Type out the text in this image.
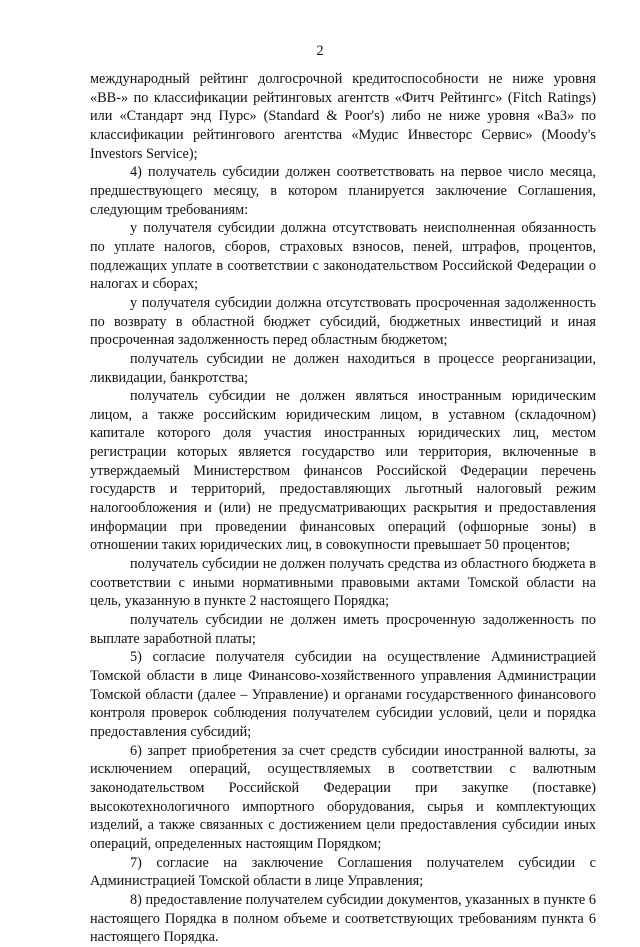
2

международный рейтинг долгосрочной кредитоспособности не ниже уровня «ВВ-» по классификации рейтинговых агентств «Фитч Рейтингс» (Fitch Ratings) или «Стандарт энд Пурс» (Standard & Poor's) либо не ниже уровня «Ва3» по классификации рейтингового агентства «Мудис Инвесторс Сервис» (Moody's Investors Service);

4) получатель субсидии должен соответствовать на первое число месяца, предшествующего месяцу, в котором планируется заключение Соглашения, следующим требованиям:

у получателя субсидии должна отсутствовать неисполненная обязанность по уплате налогов, сборов, страховых взносов, пеней, штрафов, процентов, подлежащих уплате в соответствии с законодательством Российской Федерации о налогах и сборах;

у получателя субсидии должна отсутствовать просроченная задолженность по возврату в областной бюджет субсидий, бюджетных инвестиций и иная просроченная задолженность перед областным бюджетом;

получатель субсидии не должен находиться в процессе реорганизации, ликвидации, банкротства;

получатель субсидии не должен являться иностранным юридическим лицом, а также российским юридическим лицом, в уставном (складочном) капитале которого доля участия иностранных юридических лиц, местом регистрации которых является государство или территория, включенные в утверждаемый Министерством финансов Российской Федерации перечень государств и территорий, предоставляющих льготный налоговый режим налогообложения и (или) не предусматривающих раскрытия и предоставления информации при проведении финансовых операций (офшорные зоны) в отношении таких юридических лиц, в совокупности превышает 50 процентов;

получатель субсидии не должен получать средства из областного бюджета в соответствии с иными нормативными правовыми актами Томской области на цель, указанную в пункте 2 настоящего Порядка;

получатель субсидии не должен иметь просроченную задолженность по выплате заработной платы;

5) согласие получателя субсидии на осуществление Администрацией Томской области в лице Финансово-хозяйственного управления Администрации Томской области (далее – Управление) и органами государственного финансового контроля проверок соблюдения получателем субсидии условий, цели и порядка предоставления субсидий;

6) запрет приобретения за счет средств субсидии иностранной валюты, за исключением операций, осуществляемых в соответствии с валютным законодательством Российской Федерации при закупке (поставке) высокотехнологичного импортного оборудования, сырья и комплектующих изделий, а также связанных с достижением цели предоставления субсидии иных операций, определенных настоящим Порядком;

7) согласие на заключение Соглашения получателем субсидии с Администрацией Томской области в лице Управления;

8) предоставление получателем субсидии документов, указанных в пункте 6 настоящего Порядка в полном объеме и соответствующих требованиям пункта 6 настоящего Порядка.
